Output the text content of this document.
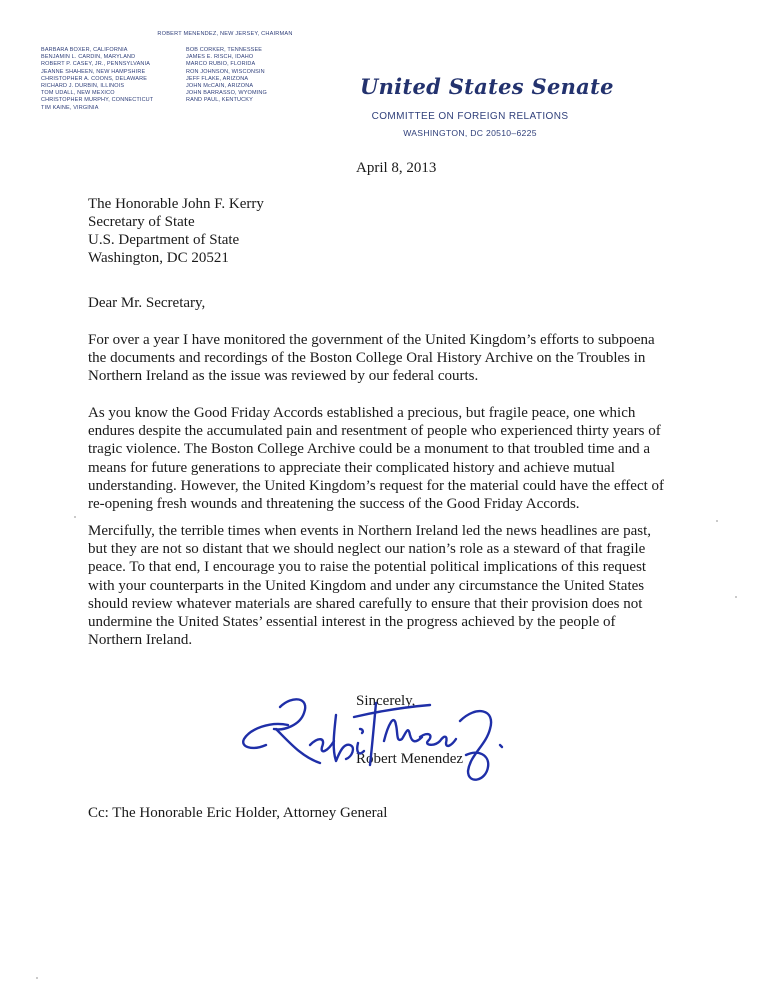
ROBERT MENENDEZ, NEW JERSEY, CHAIRMAN
BARBARA BOXER, CALIFORNIA
BENJAMIN L. CARDIN, MARYLAND
ROBERT P. CASEY, JR., PENNSYLVANIA
JEANNE SHAHEEN, NEW HAMPSHIRE
CHRISTOPHER A. COONS, DELAWARE
RICHARD J. DURBIN, ILLINOIS
TOM UDALL, NEW MEXICO
CHRISTOPHER MURPHY, CONNECTICUT
TIM KAINE, VIRGINIA
BOB CORKER, TENNESSEE
JAMES E. RISCH, IDAHO
MARCO RUBIO, FLORIDA
RON JOHNSON, WISCONSIN
JEFF FLAKE, ARIZONA
JOHN McCAIN, ARIZONA
JOHN BARRASSO, WYOMING
RAND PAUL, KENTUCKY
United States Senate
COMMITTEE ON FOREIGN RELATIONS
WASHINGTON, DC 20510–6225
April 8, 2013
The Honorable John F. Kerry
Secretary of State
U.S. Department of State
Washington, DC 20521
Dear Mr. Secretary,
For over a year I have monitored the government of the United Kingdom’s efforts to subpoena
the documents and recordings of the Boston College Oral History Archive on the Troubles in
Northern Ireland as the issue was reviewed by our federal courts.
As you know the Good Friday Accords established a precious, but fragile peace, one which
endures despite the accumulated pain and resentment of people who experienced thirty years of
tragic violence. The Boston College Archive could be a monument to that troubled time and a
means for future generations to appreciate their complicated history and achieve mutual
understanding. However, the United Kingdom’s request for the material could have the effect of
re-opening fresh wounds and threatening the success of the Good Friday Accords.
Mercifully, the terrible times when events in Northern Ireland led the news headlines are past,
but they are not so distant that we should neglect our nation’s role as a steward of that fragile
peace. To that end, I encourage you to raise the potential political implications of this request
with your counterparts in the United Kingdom and under any circumstance the United States
should review whatever materials are shared carefully to ensure that their provision does not
undermine the United States’ essential interest in the progress achieved by the people of
Northern Ireland.
Sincerely,
Robert Menendez
Cc: The Honorable Eric Holder, Attorney General
